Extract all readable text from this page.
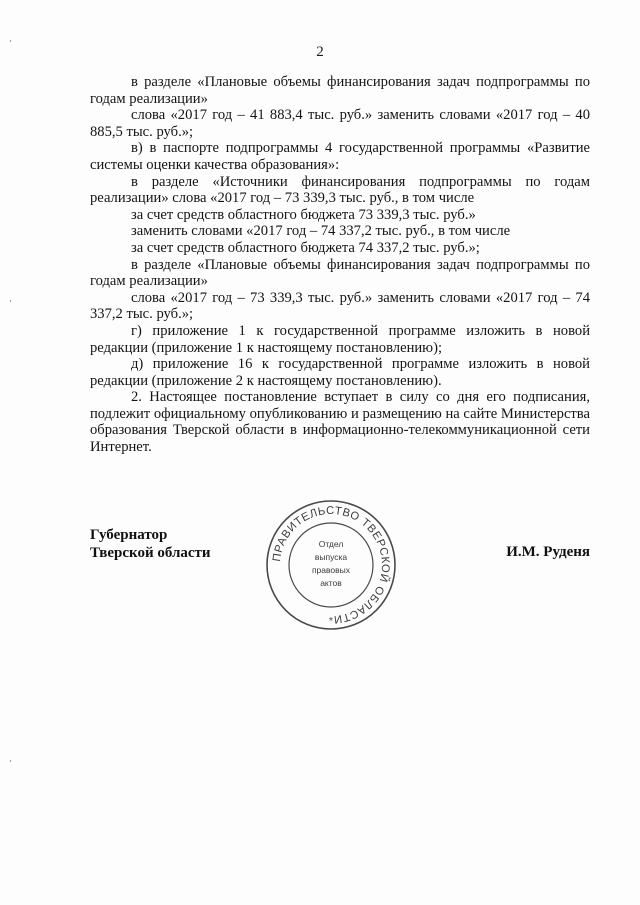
2

в разделе «Плановые объемы финансирования задач подпрограммы по годам реализации»

слова «2017 год – 41 883,4 тыс. руб.» заменить словами «2017 год – 40 885,5 тыс. руб.»;

в) в паспорте подпрограммы 4 государственной программы «Развитие системы оценки качества образования»:

в разделе «Источники финансирования подпрограммы по годам реализации» слова «2017 год – 73 339,3 тыс. руб., в том числе

за счет средств областного бюджета 73 339,3 тыс. руб.»

заменить словами «2017 год – 74 337,2 тыс. руб., в том числе

за счет средств областного бюджета 74 337,2 тыс. руб.»;

в разделе «Плановые объемы финансирования задач подпрограммы по годам реализации»

слова «2017 год – 73 339,3 тыс. руб.» заменить словами «2017 год – 74 337,2 тыс. руб.»;

г) приложение 1 к государственной программе изложить в новой редакции (приложение 1 к настоящему постановлению);

д) приложение 16 к государственной программе изложить в новой редакции (приложение 2 к настоящему постановлению).

2. Настоящее постановление вступает в силу со дня его подписания, подлежит официальному опубликованию и размещению на сайте Министерства образования Тверской области в информационно-телекоммуникационной сети Интернет.

Губернатор
Тверской области	ПРАВИТЕЛЬСТВО ТВЕРСКОЙ ОБЛАСТИ
Отдел
выпуска
правовых
актов
*
И.М. Руденя
